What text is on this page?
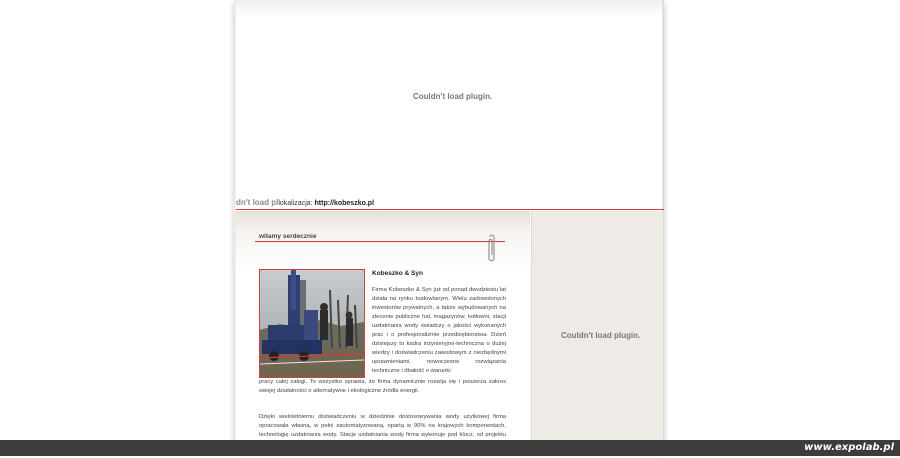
Couldn't load plugin.
dn't load pllokalizacja: http://kobeszko.pl
Couldn't load plugin.
witamy serdecznie
Kobeszko & Syn
Firma Kobeszko & Syn już od ponad dwudziestu lat działa na rynku budowlanym. Wielu zadowolonych inwestorów prywatnych, a także wybudowanych na zlecenie publiczne hal, magazynów, kotłowni, stacji uzdatniania wody świadczy o jakości wykonanych prac i o profesjonalizmie przedsiębiorstwa. Dzień dzisiejszy to kadra inżynieryjno-techniczna o dużej wiedzy i doświadczeniu zawodowym z niezbędnymi uprawnieniami, nowoczesne rozwiązania techniczne i dbałość o warunki
pracy całej załogi. To wszystko sprawia, że firma dynamicznie rozwija się i poszerza zakres swojej działalności o alternatywne i ekologiczne źródła energii.
Dzięki wieloletniemu doświadczeniu w dziedzinie dostosowywania wody użytkowej firma opracowała własną, w pełni zautomatyzowaną, opartą w 90% na krajowych komponentach, technologię uzdatniania wody. Stacje uzdatniania wody firma wykonuje pod klucz, od projektu
www.expolab.pl
